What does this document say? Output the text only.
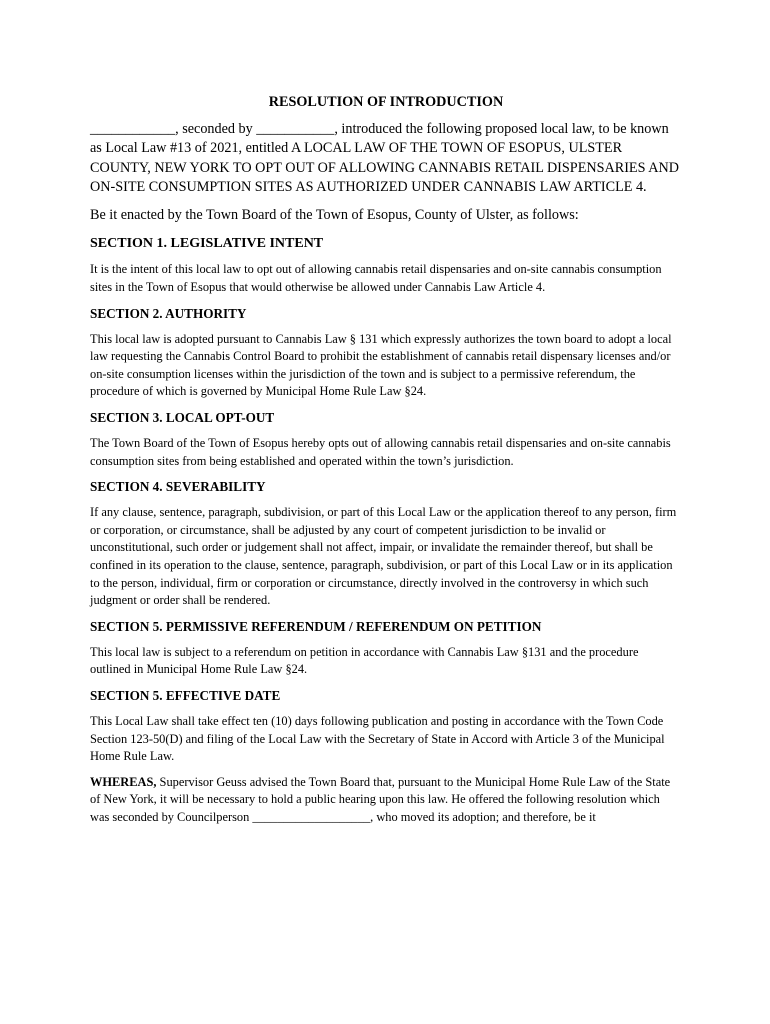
RESOLUTION OF INTRODUCTION

____________, seconded by ___________, introduced the following proposed local law, to be known as Local Law #13 of 2021, entitled A LOCAL LAW OF THE TOWN OF ESOPUS, ULSTER COUNTY, NEW YORK TO OPT OUT OF ALLOWING CANNABIS RETAIL DISPENSARIES AND ON-SITE CONSUMPTION SITES AS AUTHORIZED UNDER CANNABIS LAW ARTICLE 4.

Be it enacted by the Town Board of the Town of Esopus, County of Ulster, as follows:

SECTION 1. LEGISLATIVE INTENT

It is the intent of this local law to opt out of allowing cannabis retail dispensaries and on-site cannabis consumption sites in the Town of Esopus that would otherwise be allowed under Cannabis Law Article 4.

SECTION 2. AUTHORITY

This local law is adopted pursuant to Cannabis Law § 131 which expressly authorizes the town board to adopt a local law requesting the Cannabis Control Board to prohibit the establishment of cannabis retail dispensary licenses and/or on-site consumption licenses within the jurisdiction of the town and is subject to a permissive referendum, the procedure of which is governed by Municipal Home Rule Law §24.

SECTION 3. LOCAL OPT-OUT

The Town Board of the Town of Esopus hereby opts out of allowing cannabis retail dispensaries and on-site cannabis consumption sites from being established and operated within the town’s jurisdiction.

SECTION 4. SEVERABILITY

If any clause, sentence, paragraph, subdivision, or part of this Local Law or the application thereof to any person, firm or corporation, or circumstance, shall be adjusted by any court of competent jurisdiction to be invalid or unconstitutional, such order or judgement shall not affect, impair, or invalidate the remainder thereof, but shall be confined in its operation to the clause, sentence, paragraph, subdivision, or part of this Local Law or in its application to the person, individual, firm or corporation or circumstance, directly involved in the controversy in which such judgment or order shall be rendered.

SECTION 5. PERMISSIVE REFERENDUM / REFERENDUM ON PETITION

This local law is subject to a referendum on petition in accordance with Cannabis Law §131 and the procedure outlined in Municipal Home Rule Law §24.

SECTION 5. EFFECTIVE DATE

This Local Law shall take effect ten (10) days following publication and posting in accordance with the Town Code Section 123-50(D) and filing of the Local Law with the Secretary of State in Accord with Article 3 of the Municipal Home Rule Law.

WHEREAS, Supervisor Geuss advised the Town Board that, pursuant to the Municipal Home Rule Law of the State of New York, it will be necessary to hold a public hearing upon this law. He offered the following resolution which was seconded by Councilperson ___________________, who moved its adoption; and therefore, be it
